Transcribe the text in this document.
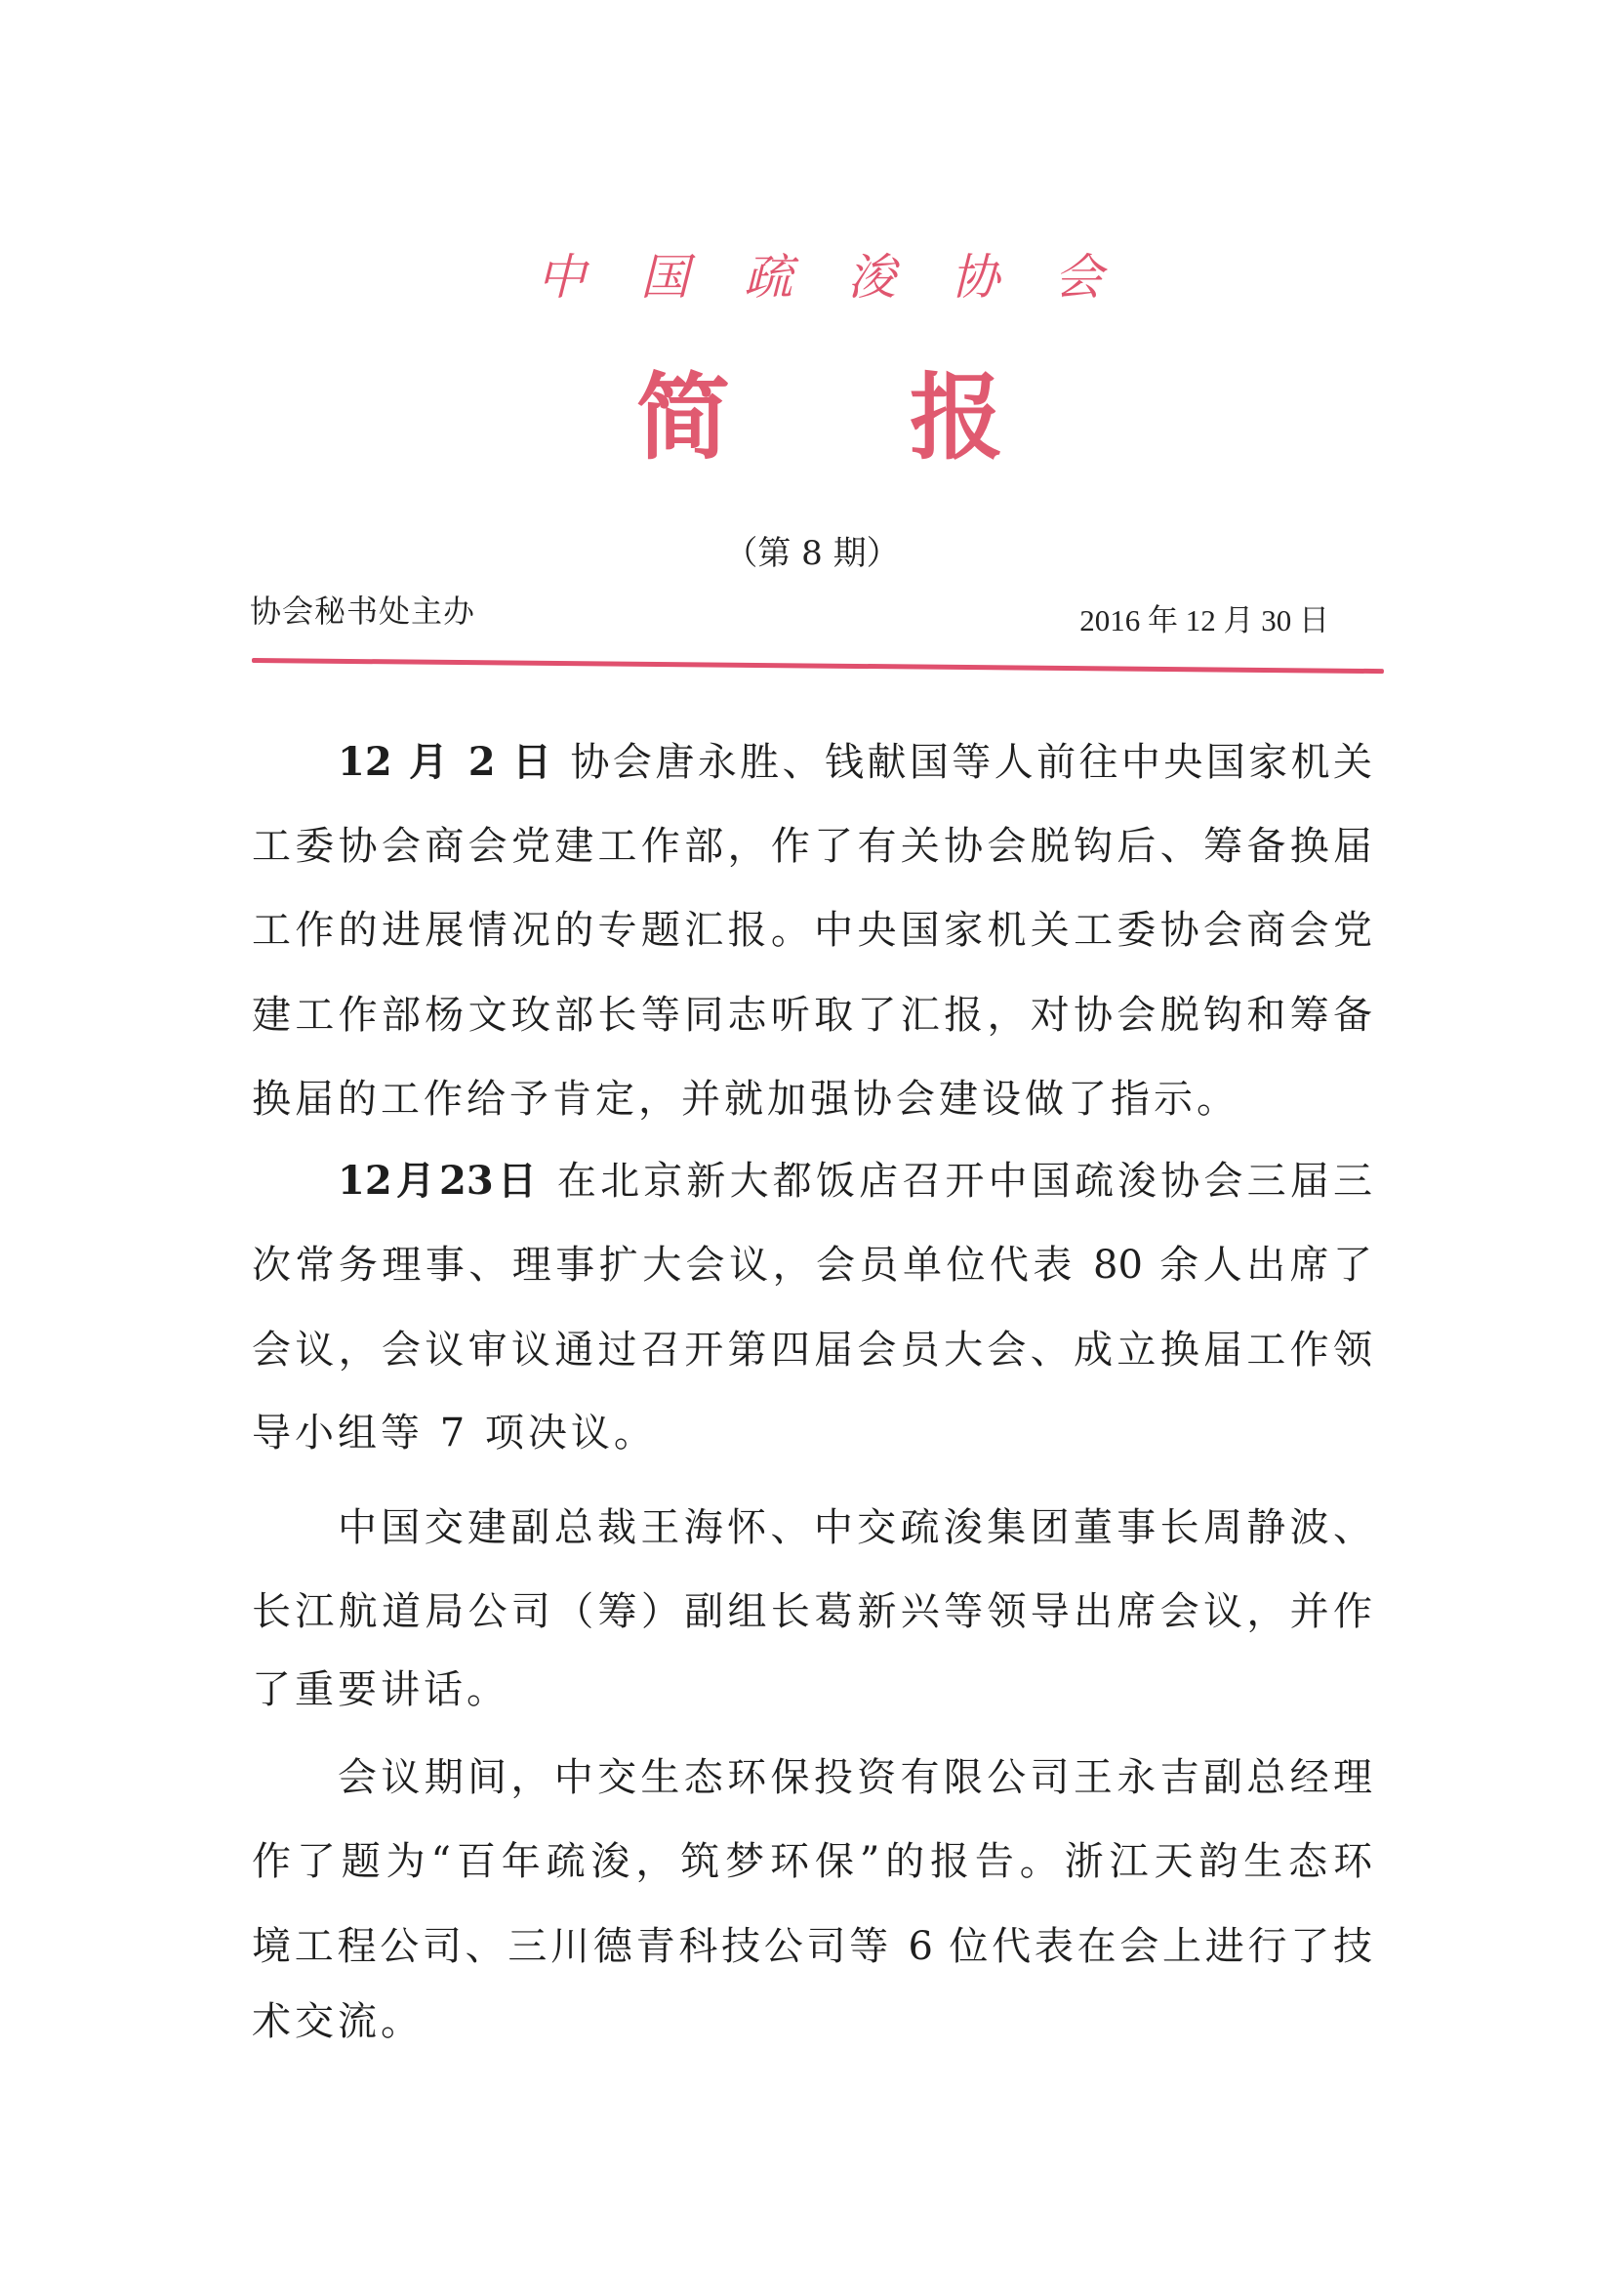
中 国 疏 浚 协 会
简 报
（第 8 期）
协会秘书处主办	2016 年 12 月 30 日
12 月 2 日 协会唐永胜、钱献国等人前往中央国家机关
工委协会商会党建工作部，作了有关协会脱钩后、筹备换届
工作的进展情况的专题汇报。中央国家机关工委协会商会党
建工作部杨文玫部长等同志听取了汇报，对协会脱钩和筹备
换届的工作给予肯定，并就加强协会建设做了指示。
12月23日 在北京新大都饭店召开中国疏浚协会三届三
次常务理事、理事扩大会议，会员单位代表 80 余人出席了
会议，会议审议通过召开第四届会员大会、成立换届工作领
导小组等 7 项决议。
中国交建副总裁王海怀、中交疏浚集团董事长周静波、
长江航道局公司（筹）副组长葛新兴等领导出席会议，并作
了重要讲话。
会议期间，中交生态环保投资有限公司王永吉副总经理
作了题为“百年疏浚，筑梦环保”的报告。浙江天韵生态环
境工程公司、三川德青科技公司等 6 位代表在会上进行了技
术交流。
